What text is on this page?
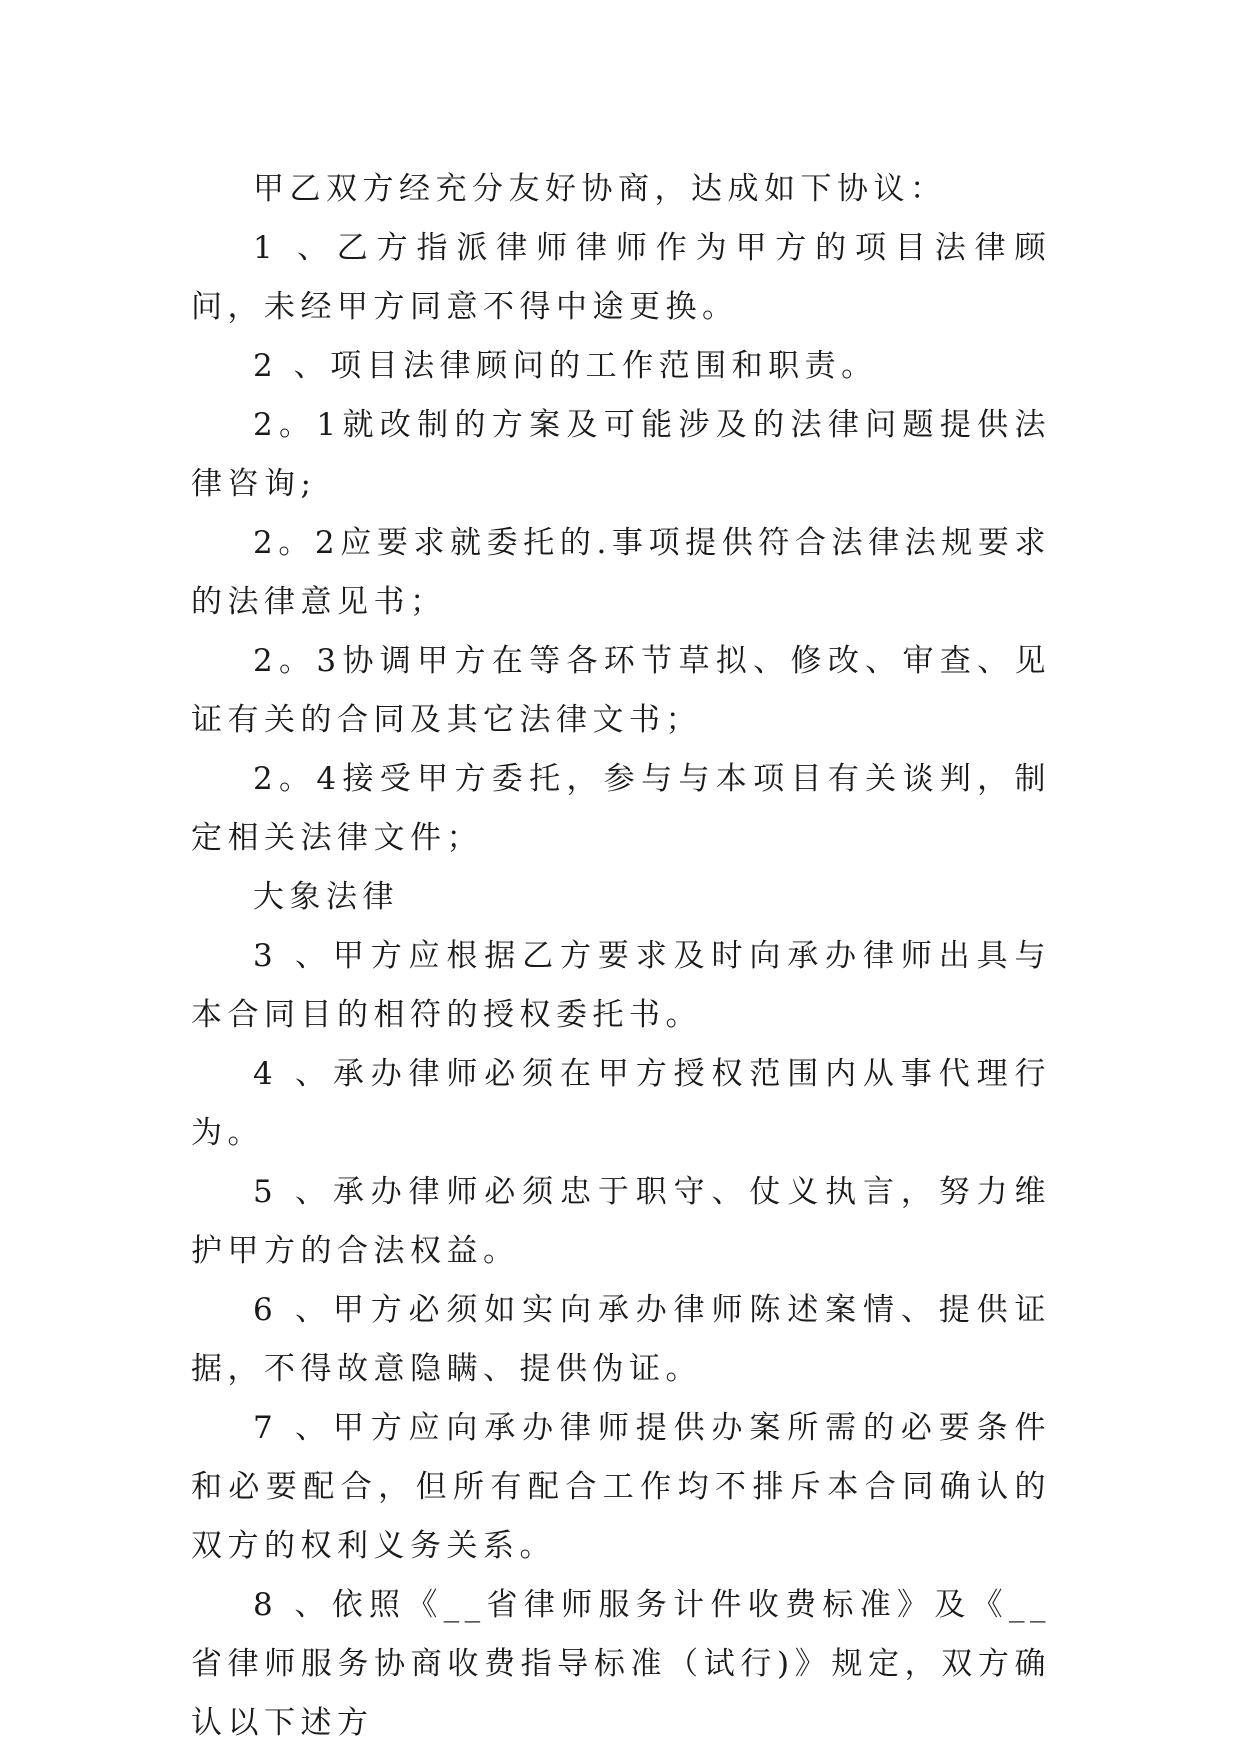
甲乙双方经充分友好协商，达成如下协议：

1 、乙方指派律师律师作为甲方的项目法律顾问，未经甲方同意不得中途更换。

2 、项目法律顾问的工作范围和职责。

2。1就改制的方案及可能涉及的法律问题提供法律咨询;

2。2应要求就委托的.事项提供符合法律法规要求的法律意见书；

2。3协调甲方在等各环节草拟、修改、审查、见证有关的合同及其它法律文书；

2。4接受甲方委托，参与与本项目有关谈判，制定相关法律文件；

大象法律

3 、甲方应根据乙方要求及时向承办律师出具与本合同目的相符的授权委托书。

4 、承办律师必须在甲方授权范围内从事代理行为。

5 、承办律师必须忠于职守、仗义执言，努力维护甲方的合法权益。

6 、甲方必须如实向承办律师陈述案情、提供证据，不得故意隐瞒、提供伪证。

7 、甲方应向承办律师提供办案所需的必要条件和必要配合，但所有配合工作均不排斥本合同确认的双方的权利义务关系。

8 、依照《__省律师服务计件收费标准》及《__省律师服务协商收费指导标准（试行)》规定，双方确认以下述方
